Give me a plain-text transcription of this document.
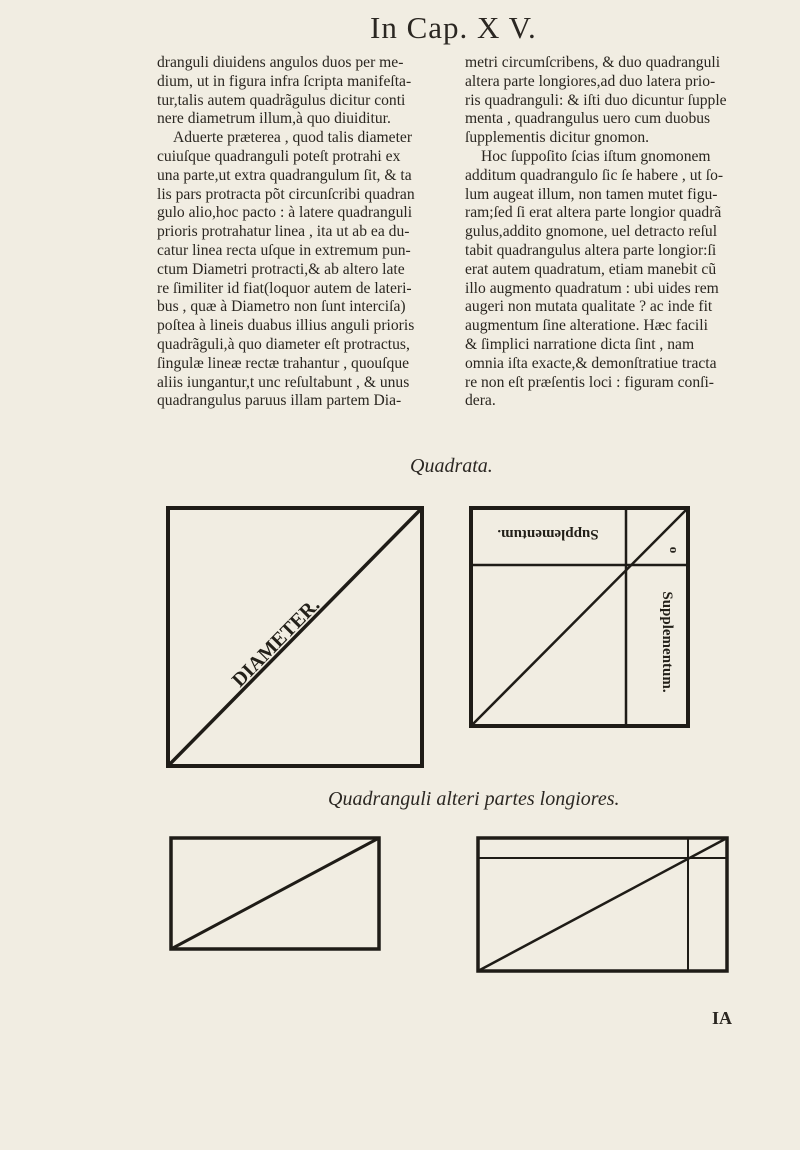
In Cap. X V.
dranguli diuidens angulos duos per me-
dium, ut in figura infra ſcripta manifeſta-
tur,talis autem quadrãgulus dicitur conti
nere diametrum illum,à quo diuiditur.
Aduerte præterea , quod talis diameter
cuiuſque quadranguli poteſt protrahi ex
una parte,ut extra quadrangulum ſit, & ta
lis pars protracta põt circunſcribi quadran
gulo alio,hoc pacto : à latere quadranguli
prioris protrahatur linea , ita ut ab ea du-
catur linea recta uſque in extremum pun-
ctum Diametri protracti,& ab altero late
re ſimiliter id fiat(loquor autem de lateri-
bus , quæ à Diametro non ſunt interciſa)
poſtea à lineis duabus illius anguli prioris
quadrãguli,à quo diameter eſt protractus,
ſingulæ lineæ rectæ trahantur , quouſque
aliis iungantur,t unc reſultabunt , & unus
quadrangulus paruus illam partem Dia-
metri circumſcribens, & duo quadranguli
altera parte longiores,ad duo latera prio-
ris quadranguli: & iſti duo dicuntur ſupple
menta , quadrangulus uero cum duobus
ſupplementis dicitur gnomon.
Hoc ſuppoſito ſcias iſtum gnomonem
additum quadrangulo ſic ſe habere , ut ſo-
lum augeat illum, non tamen mutet figu-
ram;ſed ſi erat altera parte longior quadrã
gulus,addito gnomone, uel detracto reſul
tabit quadrangulus altera parte longior:ſi
erat autem quadratum, etiam manebit cũ
illo augmento quadratum : ubi uides rem
augeri non mutata qualitate ? ac inde fit
augmentum ſine alteratione. Hæc facili
& ſimplici narratione dicta ſint , nam
omnia iſta exacte,& demonſtratiue tracta
re non eſt præſentis loci : figuram conſi-
dera.
Quadrata.
DIAMETER.
Supplementum.
Supplementum.
o
Quadranguli alteri partes longiores.
IA
